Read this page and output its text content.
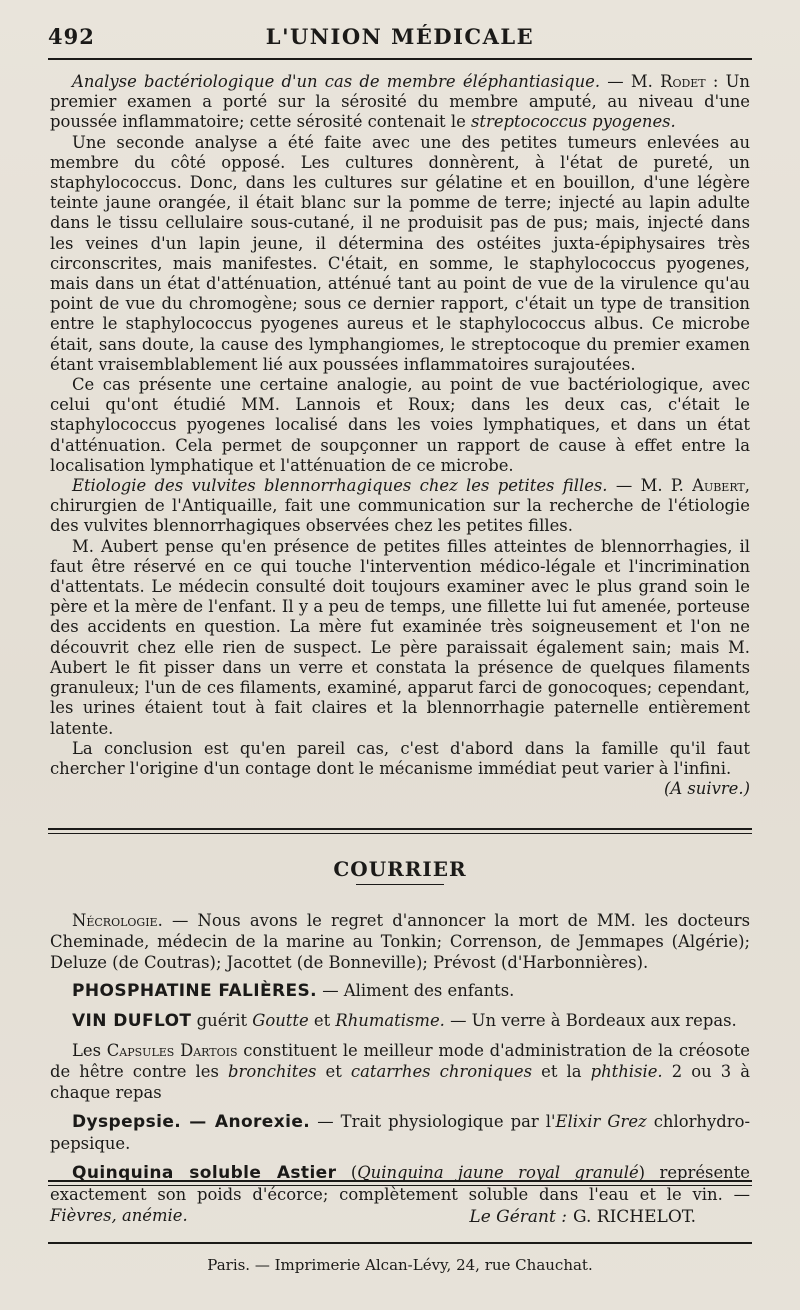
492	L'UNION MÉDICALE

Analyse bactériologique d'un cas de membre éléphantiasique. — M. Rodet : Un premier examen a porté sur la sérosité du membre amputé, au niveau d'une poussée inflammatoire; cette sérosité contenait le streptococcus pyogenes.

Une seconde analyse a été faite avec une des petites tumeurs enlevées au membre du côté opposé. Les cultures donnèrent, à l'état de pureté, un staphylococcus. Donc, dans les cultures sur gélatine et en bouillon, d'une légère teinte jaune orangée, il était blanc sur la pomme de terre; injecté au lapin adulte dans le tissu cellulaire sous-cutané, il ne produisit pas de pus; mais, injecté dans les veines d'un lapin jeune, il détermina des ostéites juxta-épiphysaires très circonscrites, mais manifestes. C'était, en somme, le staphylococcus pyogenes, mais dans un état d'atténuation, atténué tant au point de vue de la virulence qu'au point de vue du chromogène; sous ce dernier rapport, c'était un type de transition entre le staphylococcus pyogenes aureus et le staphylococcus albus. Ce microbe était, sans doute, la cause des lymphangiomes, le streptocoque du premier examen étant vraisemblablement lié aux poussées inflammatoires surajoutées.

Ce cas présente une certaine analogie, au point de vue bactériologique, avec celui qu'ont étudié MM. Lannois et Roux; dans les deux cas, c'était le staphylococcus pyogenes localisé dans les voies lymphatiques, et dans un état d'atténuation. Cela permet de soupçonner un rapport de cause à effet entre la localisation lymphatique et l'atténuation de ce microbe.

Etiologie des vulvites blennorrhagiques chez les petites filles. — M. P. Aubert, chirurgien de l'Antiquaille, fait une communication sur la recherche de l'étiologie des vulvites blennorrhagiques observées chez les petites filles.

M. Aubert pense qu'en présence de petites filles atteintes de blennorrhagies, il faut être réservé en ce qui touche l'intervention médico-légale et l'incrimination d'attentats. Le médecin consulté doit toujours examiner avec le plus grand soin le père et la mère de l'enfant. Il y a peu de temps, une fillette lui fut amenée, porteuse des accidents en question. La mère fut examinée très soigneusement et l'on ne découvrit chez elle rien de suspect. Le père paraissait également sain; mais M. Aubert le fit pisser dans un verre et constata la présence de quelques filaments granuleux; l'un de ces filaments, examiné, apparut farci de gonocoques; cependant, les urines étaient tout à fait claires et la blennorrhagie paternelle entièrement latente.

La conclusion est qu'en pareil cas, c'est d'abord dans la famille qu'il faut chercher l'origine d'un contage dont le mécanisme immédiat peut varier à l'infini.

(A suivre.)

COURRIER

Nécrologie. — Nous avons le regret d'annoncer la mort de MM. les docteurs Cheminade, médecin de la marine au Tonkin; Correnson, de Jemmapes (Algérie); Deluze (de Coutras); Jacottet (de Bonneville); Prévost (d'Harbonnières).

PHOSPHATINE FALIÈRES. — Aliment des enfants.

VIN DUFLOT guérit Goutte et Rhumatisme. — Un verre à Bordeaux aux repas.

Les Capsules Dartois constituent le meilleur mode d'administration de la créosote de hêtre contre les bronchites et catarrhes chroniques et la phthisie. 2 ou 3 à chaque repas

Dyspepsie. — Anorexie. — Trait physiologique par l'Elixir Grez chlorhydro-pepsique.

Quinquina soluble Astier (Quinquina jaune royal granulé) représente exactement son poids d'écorce; complètement soluble dans l'eau et le vin. — Fièvres, anémie.	Le Gérant : G. RICHELOT.
Paris. — Imprimerie Alcan-Lévy, 24, rue Chauchat.
